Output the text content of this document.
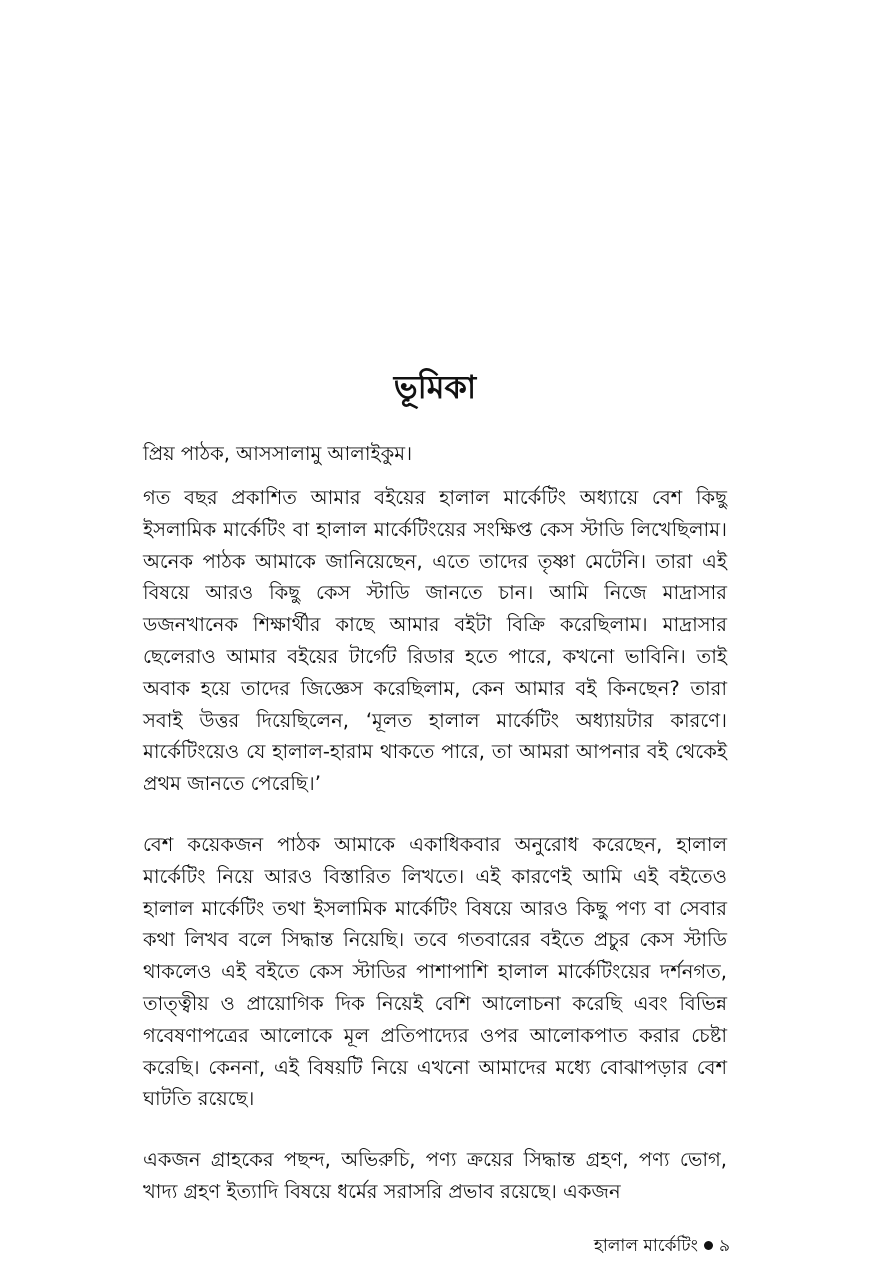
ভূমিকা

প্রিয় পাঠক, আসসালামু আলাইকুম।

গত বছর প্রকাশিত আমার বইয়ের হালাল মার্কেটিং অধ্যায়ে বেশ কিছু ইসলামিক মার্কেটিং বা হালাল মার্কেটিংয়ের সংক্ষিপ্ত কেস স্টাডি লিখেছিলাম। অনেক পাঠক আমাকে জানিয়েছেন, এতে তাদের তৃষ্ণা মেটেনি। তারা এই বিষয়ে আরও কিছু কেস স্টাডি জানতে চান। আমি নিজে মাদ্রাসার ডজনখানেক শিক্ষার্থীর কাছে আমার বইটা বিক্রি করেছিলাম। মাদ্রাসার ছেলেরাও আমার বইয়ের টার্গেট রিডার হতে পারে, কখনো ভাবিনি। তাই অবাক হয়ে তাদের জিজ্ঞেস করেছিলাম, কেন আমার বই কিনছেন? তারা সবাই উত্তর দিয়েছিলেন, ‘মূলত হালাল মার্কেটিং অধ্যায়টার কারণে। মার্কেটিংয়েও যে হালাল-হারাম থাকতে পারে, তা আমরা আপনার বই থেকেই প্রথম জানতে পেরেছি।’

বেশ কয়েকজন পাঠক আমাকে একাধিকবার অনুরোধ করেছেন, হালাল মার্কেটিং নিয়ে আরও বিস্তারিত লিখতে। এই কারণেই আমি এই বইতেও হালাল মার্কেটিং তথা ইসলামিক মার্কেটিং বিষয়ে আরও কিছু পণ্য বা সেবার কথা লিখব বলে সিদ্ধান্ত নিয়েছি। তবে গতবারের বইতে প্রচুর কেস স্টাডি থাকলেও এই বইতে কেস স্টাডির পাশাপাশি হালাল মার্কেটিংয়ের দর্শনগত, তাত্ত্বীয় ও প্রায়োগিক দিক নিয়েই বেশি আলোচনা করেছি এবং বিভিন্ন গবেষণাপত্রের আলোকে মূল প্রতিপাদ্যের ওপর আলোকপাত করার চেষ্টা করেছি। কেননা, এই বিষয়টি নিয়ে এখনো আমাদের মধ্যে বোঝাপড়ার বেশ ঘাটতি রয়েছে।

একজন গ্রাহকের পছন্দ, অভিরুচি, পণ্য ক্রয়ের সিদ্ধান্ত গ্রহণ, পণ্য ভোগ, খাদ্য গ্রহণ ইত্যাদি বিষয়ে ধর্মের সরাসরি প্রভাব রয়েছে। একজন

হালাল মার্কেটিং ৯
